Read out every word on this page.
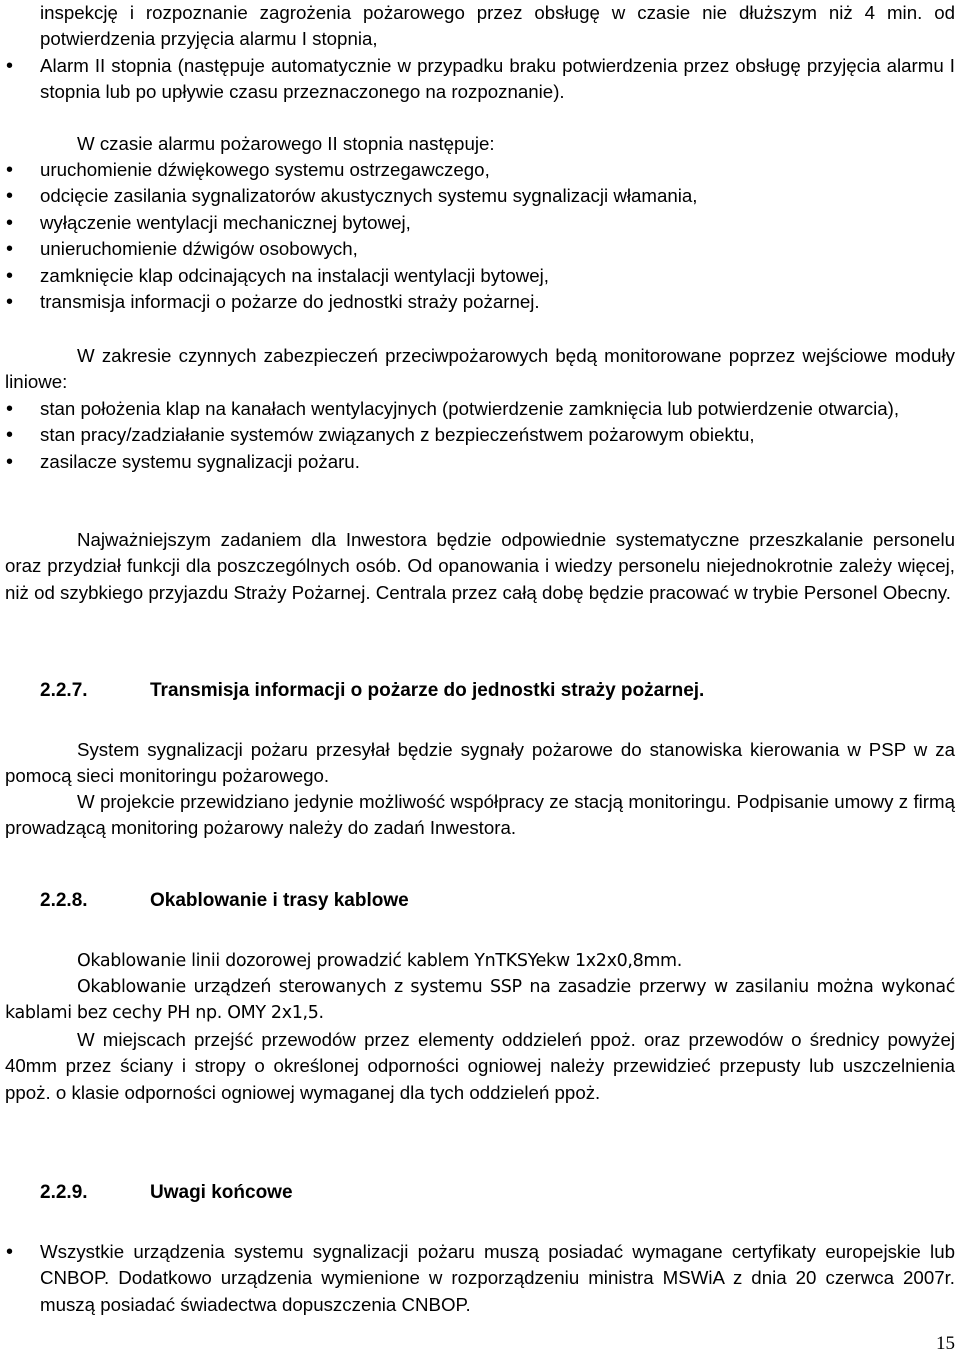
inspekcję i rozpoznanie zagrożenia pożarowego przez obsługę w czasie nie dłuższym niż 4 min. od potwierdzenia przyjęcia alarmu I stopnia,

• Alarm II stopnia (następuje automatycznie w przypadku braku potwierdzenia przez obsługę przyjęcia alarmu I stopnia lub po upływie czasu przeznaczonego na rozpoznanie).

W czasie alarmu pożarowego II stopnia następuje:

• uruchomienie dźwiękowego systemu ostrzegawczego,
• odcięcie zasilania sygnalizatorów akustycznych systemu sygnalizacji włamania,
• wyłączenie wentylacji mechanicznej bytowej,
• unieruchomienie dźwigów osobowych,
• zamknięcie klap odcinających na instalacji wentylacji bytowej,
• transmisja informacji o pożarze do jednostki straży pożarnej.

W zakresie czynnych zabezpieczeń przeciwpożarowych będą monitorowane poprzez wejściowe moduły liniowe:

• stan położenia klap na kanałach wentylacyjnych (potwierdzenie zamknięcia lub potwierdzenie otwarcia),
• stan pracy/zadziałanie systemów związanych z bezpieczeństwem pożarowym obiektu,
• zasilacze systemu sygnalizacji pożaru.

Najważniejszym zadaniem dla Inwestora będzie odpowiednie systematyczne przeszkalanie personelu oraz przydział funkcji dla poszczególnych osób. Od opanowania i wiedzy personelu niejednokrotnie zależy więcej, niż od szybkiego przyjazdu Straży Pożarnej. Centrala przez całą dobę będzie pracować w trybie Personel Obecny.

2.2.7.	Transmisja informacji o pożarze do jednostki straży pożarnej.

System sygnalizacji pożaru przesyłał będzie sygnały pożarowe do stanowiska kierowania w PSP w za pomocą sieci monitoringu pożarowego.

W projekcie przewidziano jedynie możliwość współpracy ze stacją monitoringu. Podpisanie umowy z firmą prowadzącą monitoring pożarowy należy do zadań Inwestora.

2.2.8.	Okablowanie i trasy kablowe

Okablowanie linii dozorowej prowadzić kablem YnTKSYekw 1x2x0,8mm.

Okablowanie urządzeń sterowanych z systemu SSP na zasadzie przerwy w zasilaniu można wykonać kablami bez cechy PH np. OMY 2x1,5.

W miejscach przejść przewodów przez elementy oddzieleń ppoż. oraz przewodów o średnicy powyżej 40mm przez ściany i stropy o określonej odporności ogniowej należy przewidzieć przepusty lub uszczelnienia ppoż. o klasie odporności ogniowej wymaganej dla tych oddzieleń ppoż.

2.2.9.	Uwagi końcowe
• Wszystkie urządzenia systemu sygnalizacji pożaru muszą posiadać wymagane certyfikaty europejskie lub CNBOP. Dodatkowo urządzenia wymienione w rozporządzeniu ministra MSWiA z dnia 20 czerwca 2007r. muszą posiadać świadectwa dopuszczenia CNBOP.
15
